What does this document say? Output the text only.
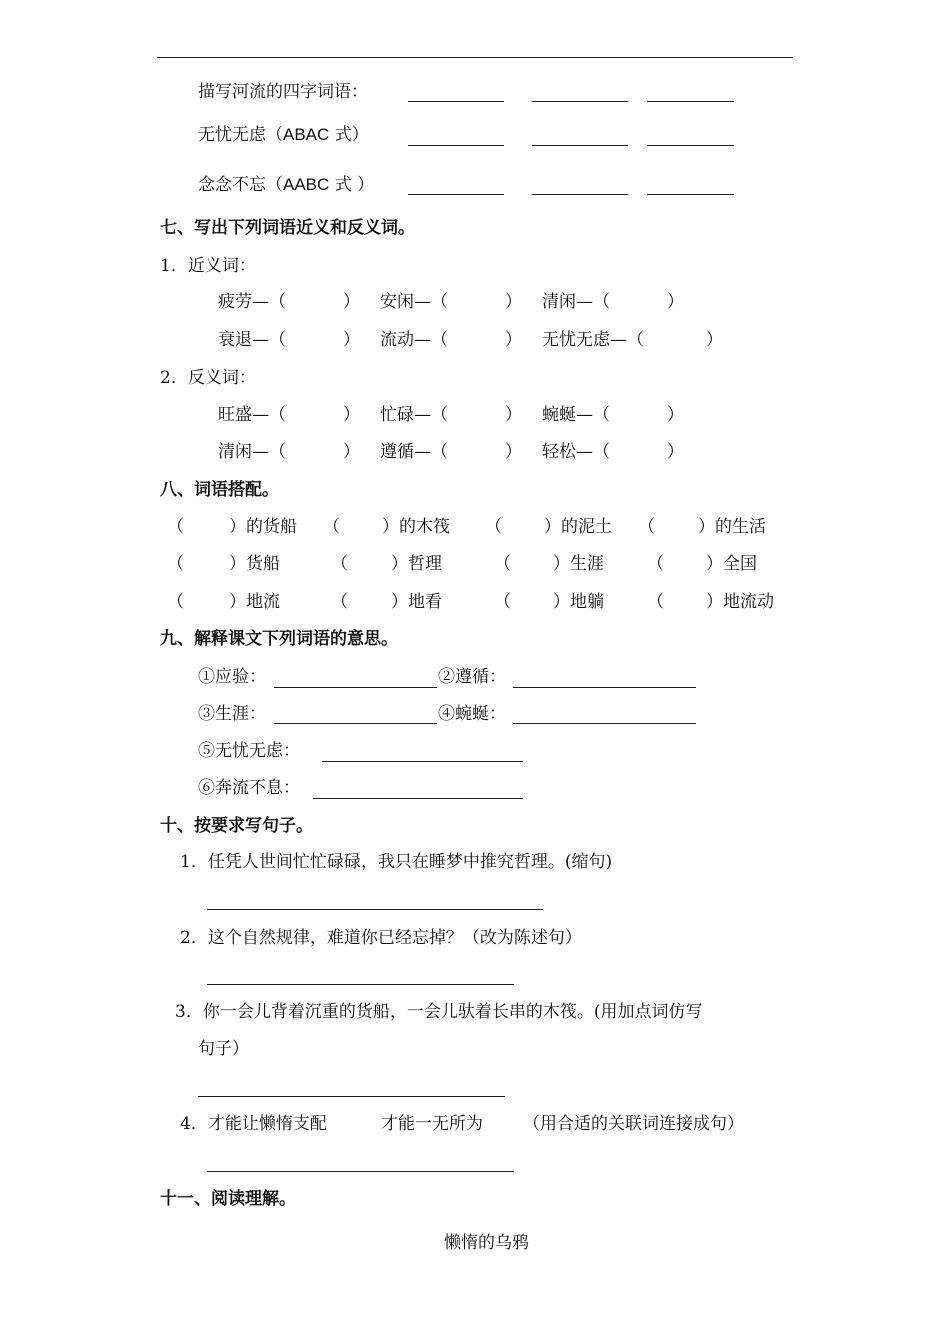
描写河流的四字词语：
无忧无虑（ABAC 式）
念念不忘（AABC 式 ）
七、写出下列词语近义和反义词。
1．近义词：
疲劳—（	） 安闲—（	） 清闲—（	）
衰退—（	） 流动—（	） 无忧无虑—（	）
2．反义词：
旺盛—（	） 忙碌—（	） 蜿蜒—（	）
清闲—（	） 遵循—（	） 轻松—（	）
八、词语搭配。
（	）的货船 （ ）的木筏 （ ）的泥土 （	）的生活
（	）货船	（	）哲理	（ ）生涯	（ ）全国
（	）地流	（	）地看	（ ）地躺	（ ）地流动
九、解释课文下列词语的意思。
①应验：	②遵循：
③生涯：	④蜿蜒：
⑤无忧无虑：
⑥奔流不息：
十、按要求写句子。
1．任凭人世间忙忙碌碌，我只在睡梦中推究哲理。(缩句)
2．这个自然规律，难道你已经忘掉？（改为陈述句）
3．你一会儿背着沉重的货船，一会儿驮着长串的木筏。(用加点词仿写
句子）
4．才能让懒惰支配	才能一无所为 （用合适的关联词连接成句）
十一、阅读理解。
懒惰的乌鸦
